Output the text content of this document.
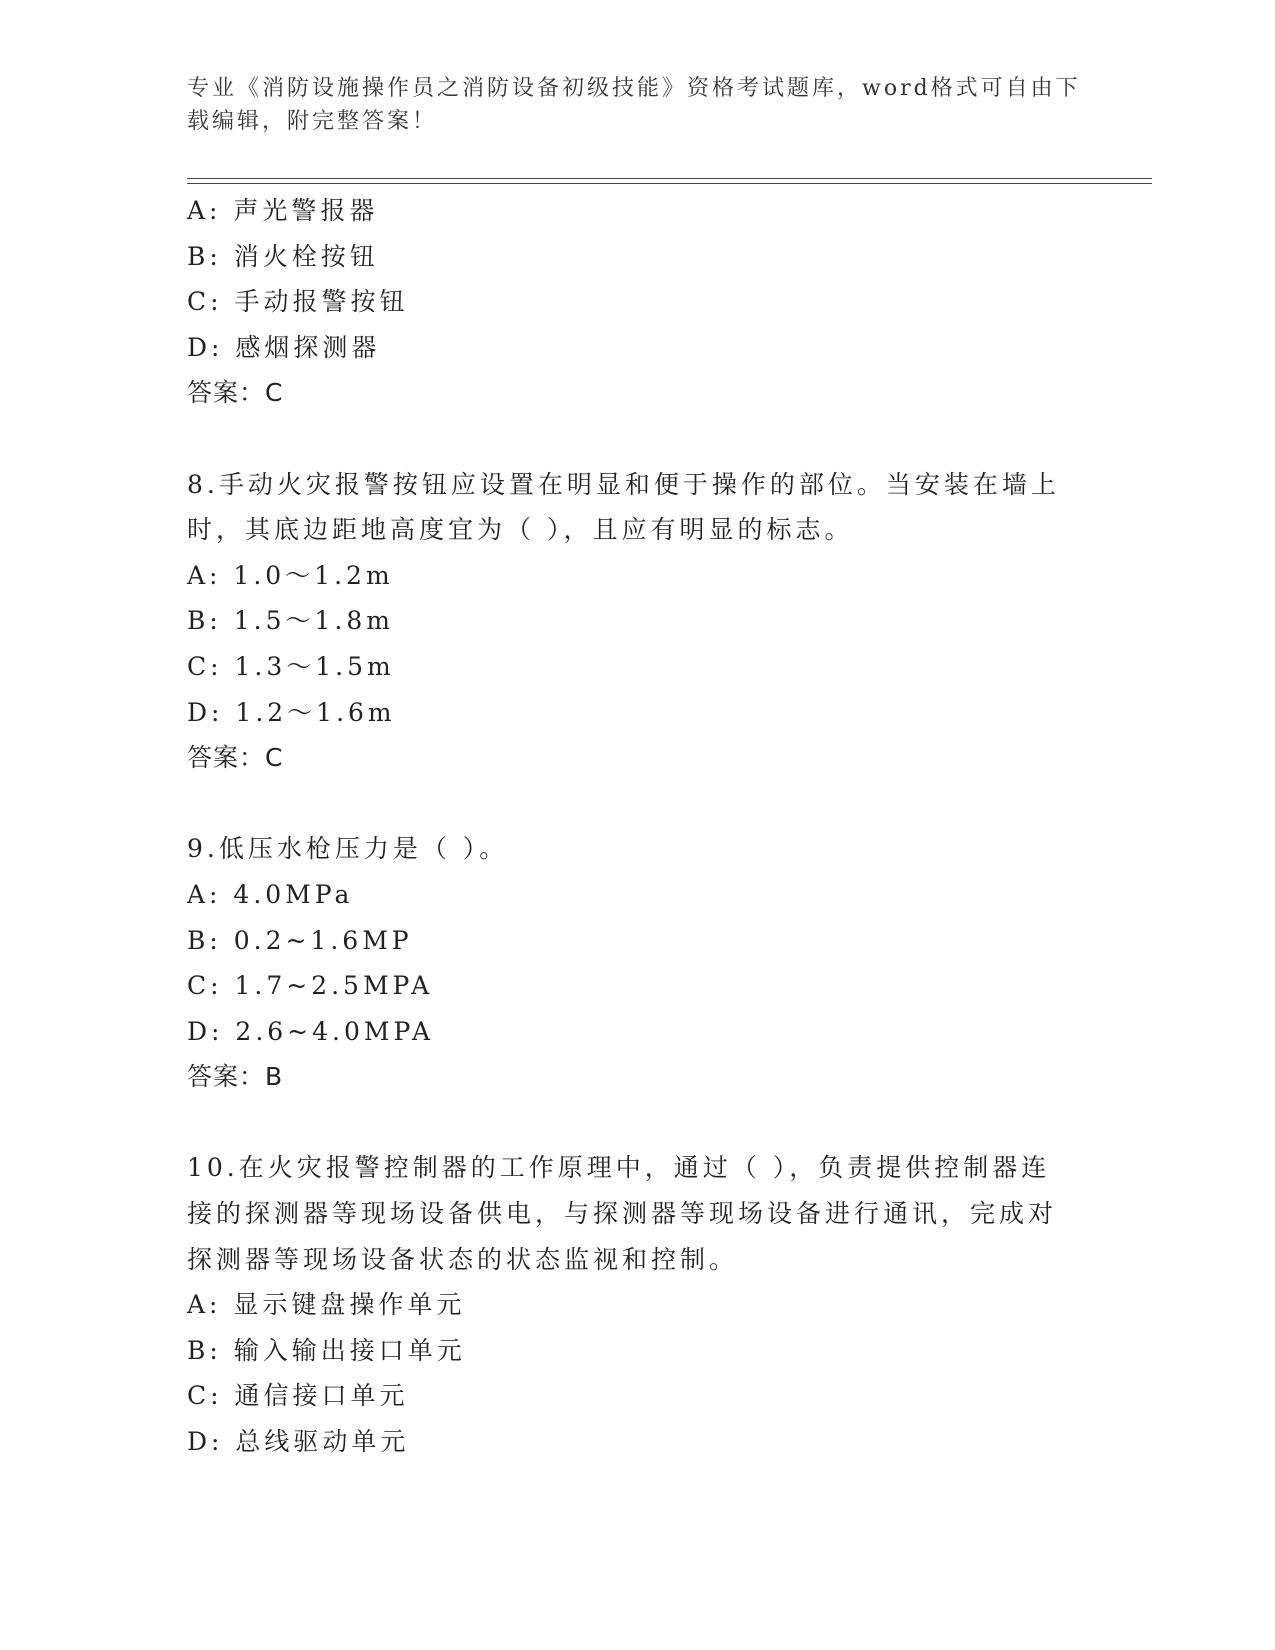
专业《消防设施操作员之消防设备初级技能》资格考试题库，word格式可自由下
载编辑，附完整答案！
A: 声光警报器
B: 消火栓按钮
C: 手动报警按钮
D: 感烟探测器
答案：C
8.手动火灾报警按钮应设置在明显和便于操作的部位。当安装在墙上
时，其底边距地高度宜为（ ），且应有明显的标志。
A: 1.0～1.2m
B: 1.5～1.8m
C: 1.3～1.5m
D: 1.2～1.6m
答案：C
9.低压水枪压力是（ ）。
A: 4.0MPa
B: 0.2~1.6MP
C: 1.7~2.5MPA
D: 2.6~4.0MPA
答案：B
10.在火灾报警控制器的工作原理中，通过（ ），负责提供控制器连
接的探测器等现场设备供电，与探测器等现场设备进行通讯，完成对
探测器等现场设备状态的状态监视和控制。
A: 显示键盘操作单元
B: 输入输出接口单元
C: 通信接口单元
D: 总线驱动单元
